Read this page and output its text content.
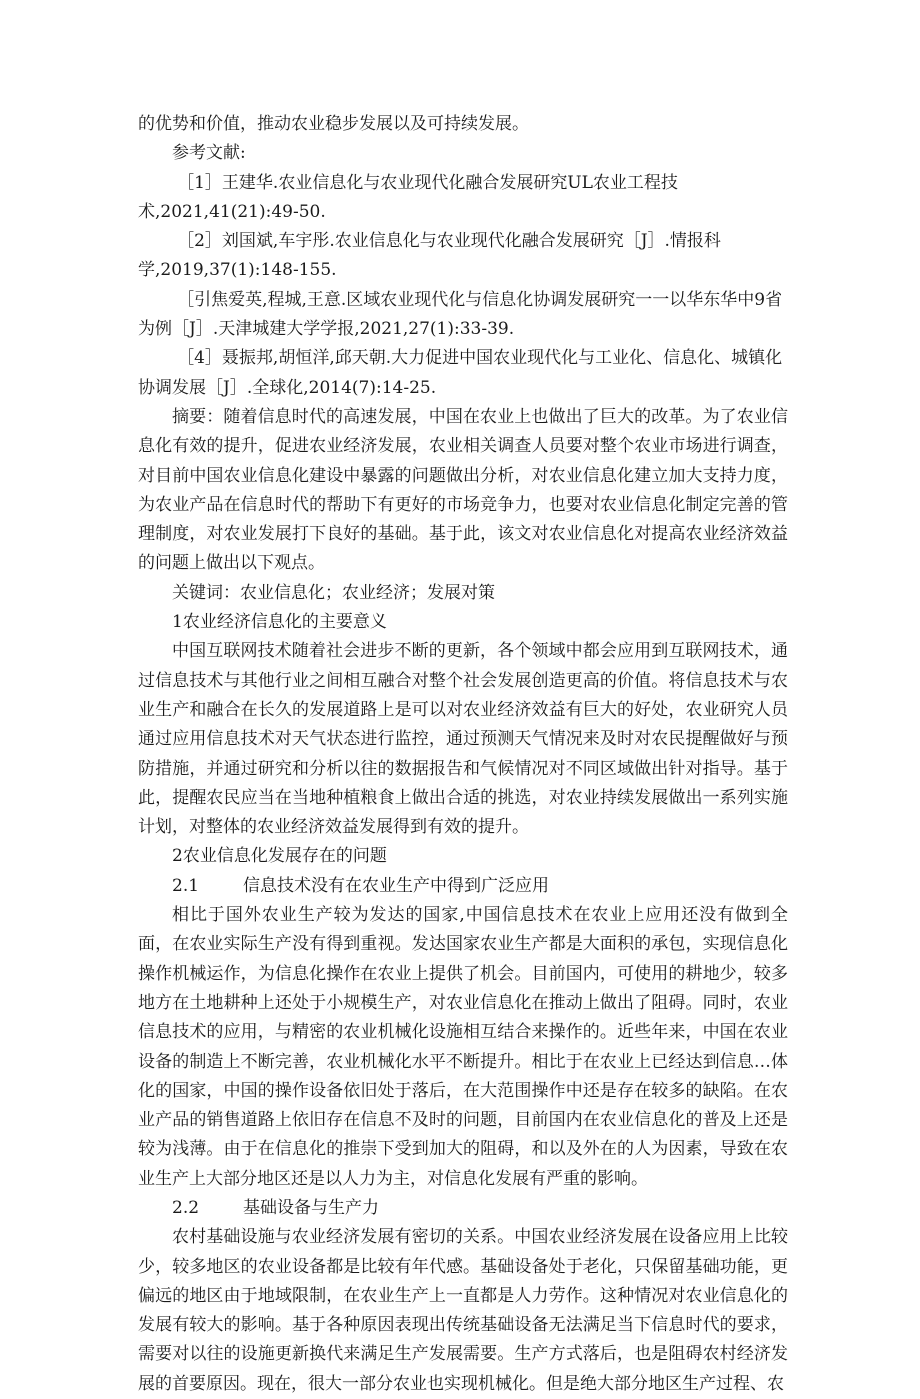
的优势和价值，推动农业稳步发展以及可持续发展。

参考文献:

［1］王建华.农业信息化与农业现代化融合发展研究UL农业工程技术,2021,41(21):49-50.

［2］刘国斌,车宇彤.农业信息化与农业现代化融合发展研究［J］.情报科学,2019,37(1):148-155.

［引焦爱英,程城,王意.区域农业现代化与信息化协调发展研究一一以华东华中9省为例［J］.天津城建大学学报,2021,27(1):33-39.

［4］聂振邦,胡恒洋,邱天朝.大力促进中国农业现代化与工业化、信息化、城镇化协调发展［J］.全球化,2014(7):14-25.

摘要：随着信息时代的高速发展，中国在农业上也做出了巨大的改革。为了农业信息化有效的提升，促进农业经济发展，农业相关调查人员要对整个农业市场进行调查，对目前中国农业信息化建设中暴露的问题做出分析，对农业信息化建立加大支持力度，为农业产品在信息时代的帮助下有更好的市场竞争力，也要对农业信息化制定完善的管理制度，对农业发展打下良好的基础。基于此，该文对农业信息化对提高农业经济效益的问题上做出以下观点。

关键词：农业信息化；农业经济；发展对策

1农业经济信息化的主要意义

中国互联网技术随着社会进步不断的更新，各个领域中都会应用到互联网技术，通过信息技术与其他行业之间相互融合对整个社会发展创造更高的价值。将信息技术与农业生产和融合在长久的发展道路上是可以对农业经济效益有巨大的好处，农业研究人员通过应用信息技术对天气状态进行监控，通过预测天气情况来及时对农民提醒做好与预防措施，并通过研究和分析以往的数据报告和气候情况对不同区域做出针对指导。基于此，提醒农民应当在当地种植粮食上做出合适的挑选，对农业持续发展做出一系列实施计划，对整体的农业经济效益发展得到有效的提升。

2农业信息化发展存在的问题

2.1	信息技术没有在农业生产中得到广泛应用

相比于国外农业生产较为发达的国家,中国信息技术在农业上应用还没有做到全面，在农业实际生产没有得到重视。发达国家农业生产都是大面积的承包，实现信息化操作机械运作，为信息化操作在农业上提供了机会。目前国内，可使用的耕地少，较多地方在土地耕种上还处于小规模生产，对农业信息化在推动上做出了阻碍。同时，农业信息技术的应用，与精密的农业机械化设施相互结合来操作的。近些年来，中国在农业设备的制造上不断完善，农业机械化水平不断提升。相比于在农业上已经达到信息…体化的国家，中国的操作设备依旧处于落后，在大范围操作中还是存在较多的缺陷。在农业产品的销售道路上依旧存在信息不及时的问题，目前国内在农业信息化的普及上还是较为浅薄。由于在信息化的推崇下受到加大的阻碍，和以及外在的人为因素，导致在农业生产上大部分地区还是以人力为主，对信息化发展有严重的影响。

2.2	基础设备与生产力

农村基础设施与农业经济发展有密切的关系。中国农业经济发展在设备应用上比较少，较多地区的农业设备都是比较有年代感。基础设备处于老化，只保留基础功能，更偏远的地区由于地域限制，在农业生产上一直都是人力劳作。这种情况对农业信息化的发展有较大的影响。基于各种原因表现出传统基础设备无法满足当下信息时代的要求，需要对以往的设施更新换代来满足生产发展需要。生产方式落后，也是阻碍农村经济发展的首要原因。现在，很大一部分农业也实现机械化。但是绝大部分地区生产过程、农
